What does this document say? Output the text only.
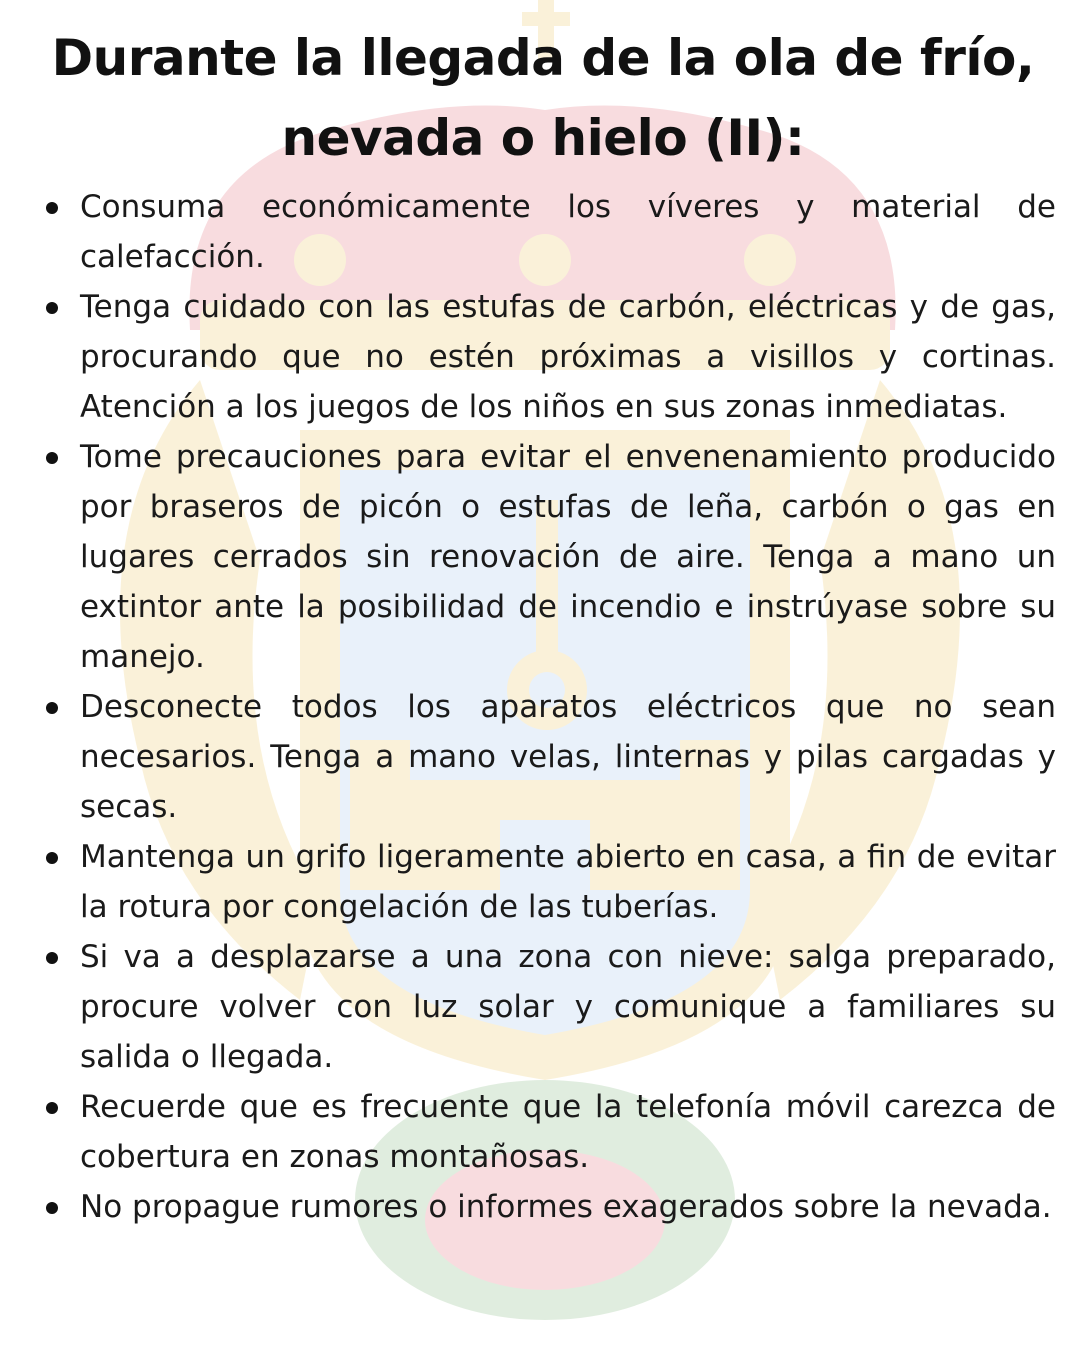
Durante la llegada de la ola de frío, nevada o hielo (II):
Consuma económicamente los víveres y material de calefacción.
Tenga cuidado con las estufas de carbón, eléctricas y de gas, procurando que no estén próximas a visillos y cortinas. Atención a los juegos de los niños en sus zonas inmediatas.
Tome precauciones para evitar el envenenamiento producido por braseros de picón o estufas de leña, carbón o gas en lugares cerrados sin renovación de aire. Tenga a mano un extintor ante la posibilidad de incendio e instrúyase sobre su manejo.
Desconecte todos los aparatos eléctricos que no sean necesarios. Tenga a mano velas, linternas y pilas cargadas y secas.
Mantenga un grifo ligeramente abierto en casa, a fin de evitar la rotura por congelación de las tuberías.
Si va a desplazarse a una zona con nieve: salga preparado, procure volver con luz solar y comunique a familiares su salida o llegada.
Recuerde que es frecuente que la telefonía móvil carezca de cobertura en zonas montañosas.
No propague rumores o informes exagerados sobre la nevada.
